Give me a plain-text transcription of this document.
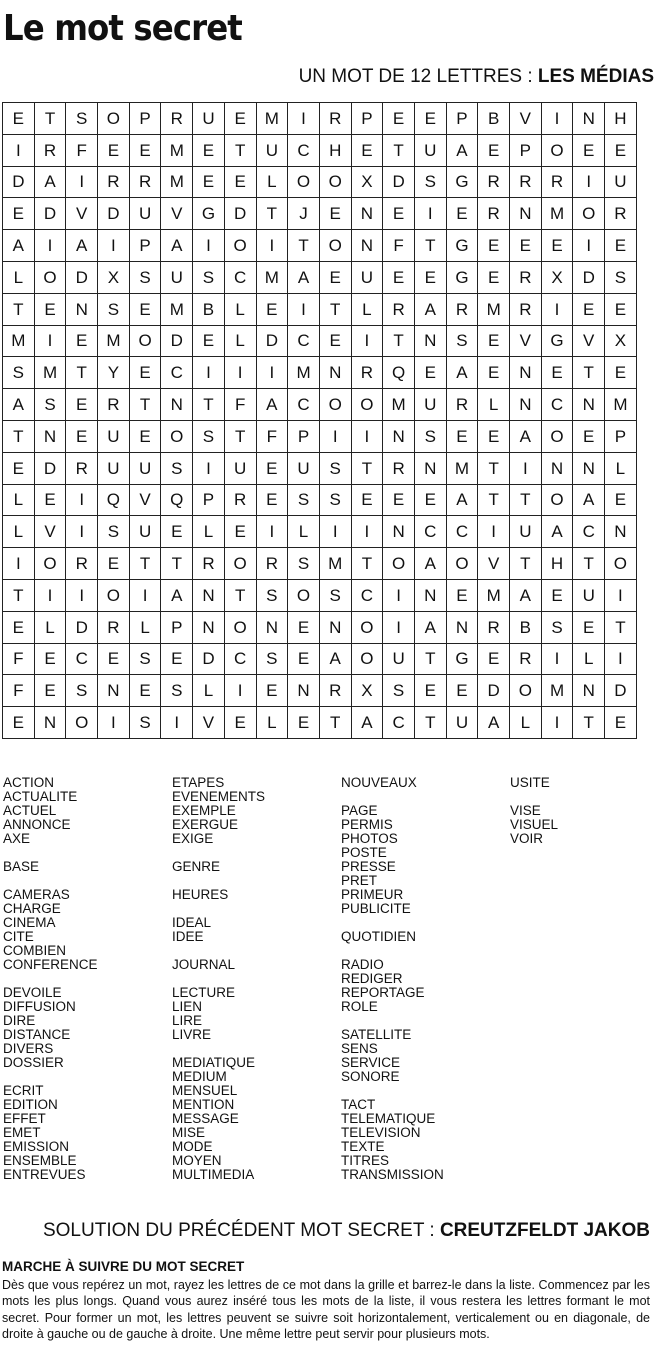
Le mot secret
UN MOT DE 12 LETTRES : LES MÉDIAS
E	T	S	O	P	R	U	E	M	I	R	P	E	E	P	B	V	I	N	H
I	R	F	E	E	M	E	T	U	C	H	E	T	U	A	E	P	O	E	E
D	A	I	R	R	M	E	E	L	O	O	X	D	S	G	R	R	R	I	U
E	D	V	D	U	V	G	D	T	J	E	N	E	I	E	R	N	M	O	R
A	I	A	I	P	A	I	O	I	T	O	N	F	T	G	E	E	E	I	E
L	O	D	X	S	U	S	C	M	A	E	U	E	E	G	E	R	X	D	S
T	E	N	S	E	M	B	L	E	I	T	L	R	A	R	M	R	I	E	E
M	I	E	M	O	D	E	L	D	C	E	I	T	N	S	E	V	G	V	X
S	M	T	Y	E	C	I	I	I	M	N	R	Q	E	A	E	N	E	T	E
A	S	E	R	T	N	T	F	A	C	O	O	M	U	R	L	N	C	N	M
T	N	E	U	E	O	S	T	F	P	I	I	N	S	E	E	A	O	E	P
E	D	R	U	U	S	I	U	E	U	S	T	R	N	M	T	I	N	N	L
L	E	I	Q	V	Q	P	R	E	S	S	E	E	E	A	T	T	O	A	E
L	V	I	S	U	E	L	E	I	L	I	I	N	C	C	I	U	A	C	N
I	O	R	E	T	T	R	O	R	S	M	T	O	A	O	V	T	H	T	O
T	I	I	O	I	A	N	T	S	O	S	C	I	N	E	M	A	E	U	I
E	L	D	R	L	P	N	O	N	E	N	O	I	A	N	R	B	S	E	T
F	E	C	E	S	E	D	C	S	E	A	O	U	T	G	E	R	I	L	I
F	E	S	N	E	S	L	I	E	N	R	X	S	E	E	D	O	M	N	D
E	N	O	I	S	I	V	E	L	E	T	A	C	T	U	A	L	I	T	E
ACTION
ACTUALITE
ACTUEL
ANNONCE
AXE
BASE
CAMERAS
CHARGE
CINEMA
CITE
COMBIEN
CONFERENCE
DEVOILE
DIFFUSION
DIRE
DISTANCE
DIVERS
DOSSIER
ECRIT
EDITION
EFFET
EMET
EMISSION
ENSEMBLE
ENTREVUES
ETAPES
EVENEMENTS
EXEMPLE
EXERGUE
EXIGE
GENRE
HEURES
IDEAL
IDEE
JOURNAL
LECTURE
LIEN
LIRE
LIVRE
MEDIATIQUE
MEDIUM
MENSUEL
MENTION
MESSAGE
MISE
MODE
MOYEN
MULTIMEDIA
NOUVEAUX
PAGE
PERMIS
PHOTOS
POSTE
PRESSE
PRET
PRIMEUR
PUBLICITE
QUOTIDIEN
RADIO
REDIGER
REPORTAGE
ROLE
SATELLITE
SENS
SERVICE
SONORE
TACT
TELEMATIQUE
TELEVISION
TEXTE
TITRES
TRANSMISSION
USITE
VISE
VISUEL
VOIR
SOLUTION DU PRÉCÉDENT MOT SECRET : CREUTZFELDT JAKOB
MARCHE À SUIVRE DU MOT SECRET
Dès que vous repérez un mot, rayez les lettres de ce mot dans la grille et barrez-le dans la liste. Commencez par les mots les plus longs. Quand vous aurez inséré tous les mots de la liste, il vous restera les lettres formant le mot secret. Pour former un mot, les lettres peuvent se suivre soit horizontalement, verticalement ou en diagonale, de droite à gauche ou de gauche à droite. Une même lettre peut servir pour plusieurs mots.
